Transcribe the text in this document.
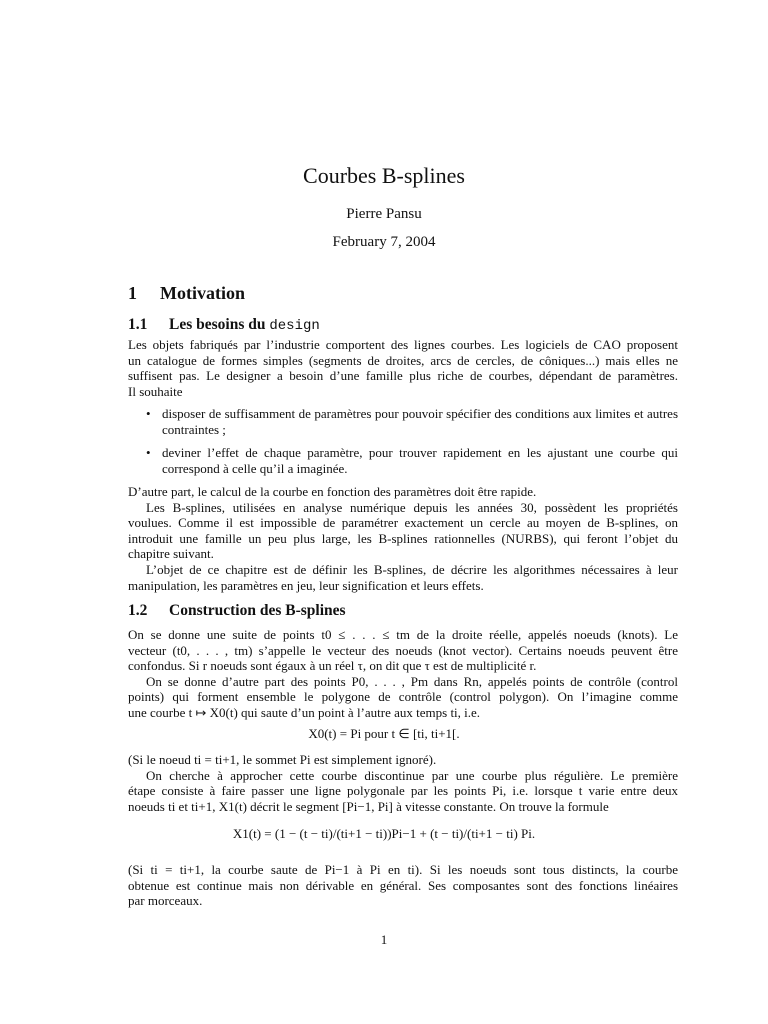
Courbes B-splines
Pierre Pansu
February 7, 2004
1 Motivation
1.1 Les besoins du design
Les objets fabriqués par l’industrie comportent des lignes courbes. Les logiciels de CAO proposent
un catalogue de formes simples (segments de droites, arcs de cercles, de côniques...) mais elles ne
suffisent pas. Le designer a besoin d’une famille plus riche de courbes, dépendant de paramètres.
Il souhaite
• disposer de suffisamment de paramètres pour pouvoir spécifier des conditions aux limites et autres contraintes ;
• deviner l’effet de chaque paramètre, pour trouver rapidement en les ajustant une courbe qui correspond à celle qu’il a imaginée.
D’autre part, le calcul de la courbe en fonction des paramètres doit être rapide.
Les B-splines, utilisées en analyse numérique depuis les années 30, possèdent les propriétés
voulues. Comme il est impossible de paramétrer exactement un cercle au moyen de B-splines, on
introduit une famille un peu plus large, les B-splines rationnelles (NURBS), qui feront l’objet du
chapitre suivant.
L’objet de ce chapitre est de définir les B-splines, de décrire les algorithmes nécessaires à leur
manipulation, les paramètres en jeu, leur signification et leurs effets.
1.2 Construction des B-splines
On se donne une suite de points t0 ≤ . . . ≤ tm de la droite réelle, appelés noeuds (knots). Le
vecteur (t0, . . . , tm) s’appelle le vecteur des noeuds (knot vector). Certains noeuds peuvent être
confondus. Si r noeuds sont égaux à un réel τ, on dit que τ est de multiplicité r.
On se donne d’autre part des points P0, . . . , Pm dans Rn, appelés points de contrôle (control
points) qui forment ensemble le polygone de contrôle (control polygon). On l’imagine comme
une courbe t ↦ X0(t) qui saute d’un point à l’autre aux temps ti, i.e.
X0(t) = Pi pour t ∈ [ti, ti+1[.
(Si le noeud ti = ti+1, le sommet Pi est simplement ignoré).
On cherche à approcher cette courbe discontinue par une courbe plus régulière. Le première
étape consiste à faire passer une ligne polygonale par les points Pi, i.e. lorsque t varie entre deux
noeuds ti et ti+1, X1(t) décrit le segment [Pi−1, Pi] à vitesse constante. On trouve la formule
X1(t) = (1 − (t − ti)/(ti+1 − ti))Pi−1 + (t − ti)/(ti+1 − ti) Pi.
(Si ti = ti+1, la courbe saute de Pi−1 à Pi en ti). Si les noeuds sont tous distincts, la courbe
obtenue est continue mais non dérivable en général. Ses composantes sont des fonctions linéaires
par morceaux.
1
